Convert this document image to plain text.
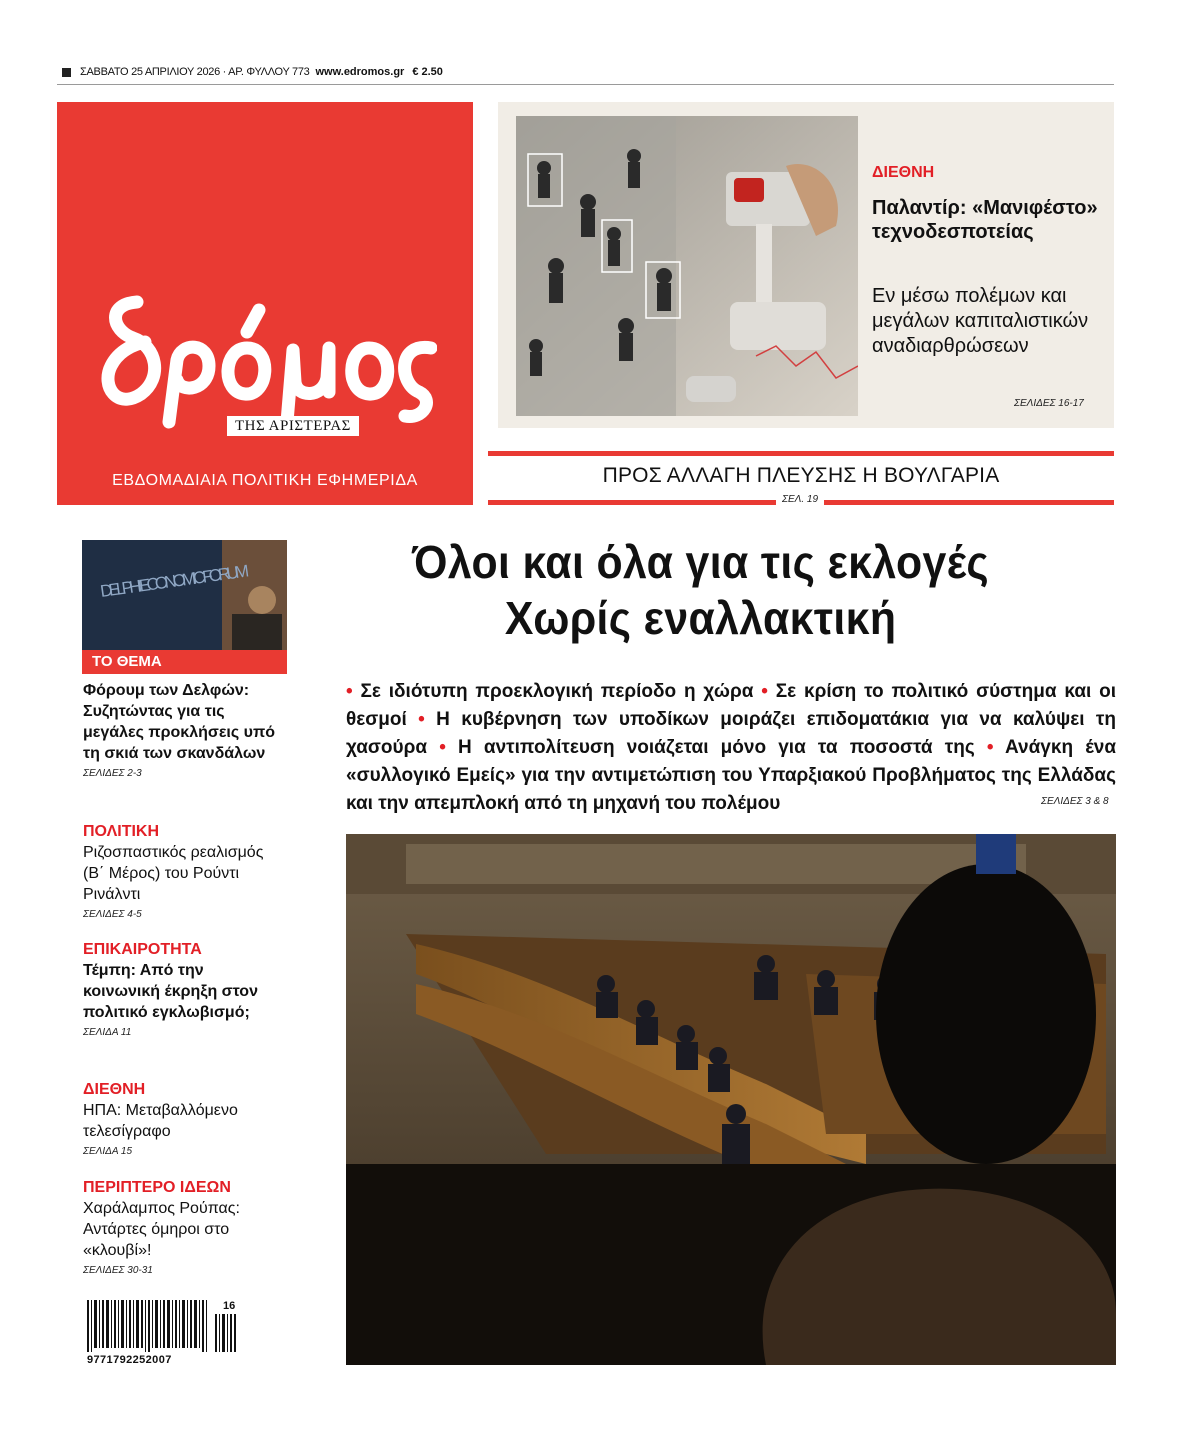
ΣΑΒΒΑΤΟ 25 ΑΠΡΙΛΙΟΥ 2026 · ΑΡ. ΦΥΛΛΟΥ 773 www.edromos.gr € 2.50
ΤΗΣ ΑΡΙΣΤΕΡΑΣ
ΕΒΔΟΜΑΔΙΑΙΑ ΠΟΛΙΤΙΚΗ ΕΦΗΜΕΡΙΔΑ
ΔΙΕΘΝΗ
Παλαντίρ: «Μανιφέστο» τεχνοδεσποτείας
Εν μέσω πολέμων και μεγάλων καπιταλιστικών αναδιαρθρώσεων
ΣΕΛΙΔΕΣ 16-17
ΠΡΟΣ ΑΛΛΑΓΗ ΠΛΕΥΣΗΣ Η ΒΟΥΛΓΑΡΙΑ
ΣΕΛ. 19
DELPHI ECONOMIC FORUM
ΤΟ ΘΕΜΑ
Φόρουμ των Δελφών: Συζητώντας για τις μεγάλες προκλήσεις υπό τη σκιά των σκανδάλων
ΣΕΛΙΔΕΣ 2-3
ΠΟΛΙΤΙΚΗ
Ριζοσπαστικός ρεαλισμός (Β΄ Μέρος) του Ρούντι Ρινάλντι
ΣΕΛΙΔΕΣ 4-5
ΕΠΙΚΑΙΡΟΤΗΤΑ
Τέμπη: Από την κοινωνική έκρηξη στον πολιτικό εγκλωβισμό;
ΣΕΛΙΔΑ 11
ΔΙΕΘΝΗ
ΗΠΑ: Μεταβαλλόμενο τελεσίγραφο
ΣΕΛΙΔΑ 15
ΠΕΡΙΠΤΕΡΟ ΙΔΕΩΝ
Χαράλαμπος Ρούπας: Αντάρτες όμηροι στο «κλουβί»!
ΣΕΛΙΔΕΣ 30-31
16
9771792252007
Όλοι και όλα για τις εκλογές
Χωρίς εναλλακτική
• Σε ιδιότυπη προεκλογική περίοδο η χώρα • Σε κρίση το πολιτικό σύστημα και οι θεσμοί • Η κυβέρνηση των υποδίκων μοιράζει επιδοματάκια για να καλύψει τη χασούρα • Η αντιπολίτευση νοιάζεται μόνο για τα ποσοστά της • Ανάγκη ένα «συλλογικό Εμείς» για την αντιμετώπιση του Υπαρξιακού Προβλήματος της Ελλάδας και την απεμπλοκή από τη μηχανή του πολέμου	ΣΕΛΙΔΕΣ 3 & 8
